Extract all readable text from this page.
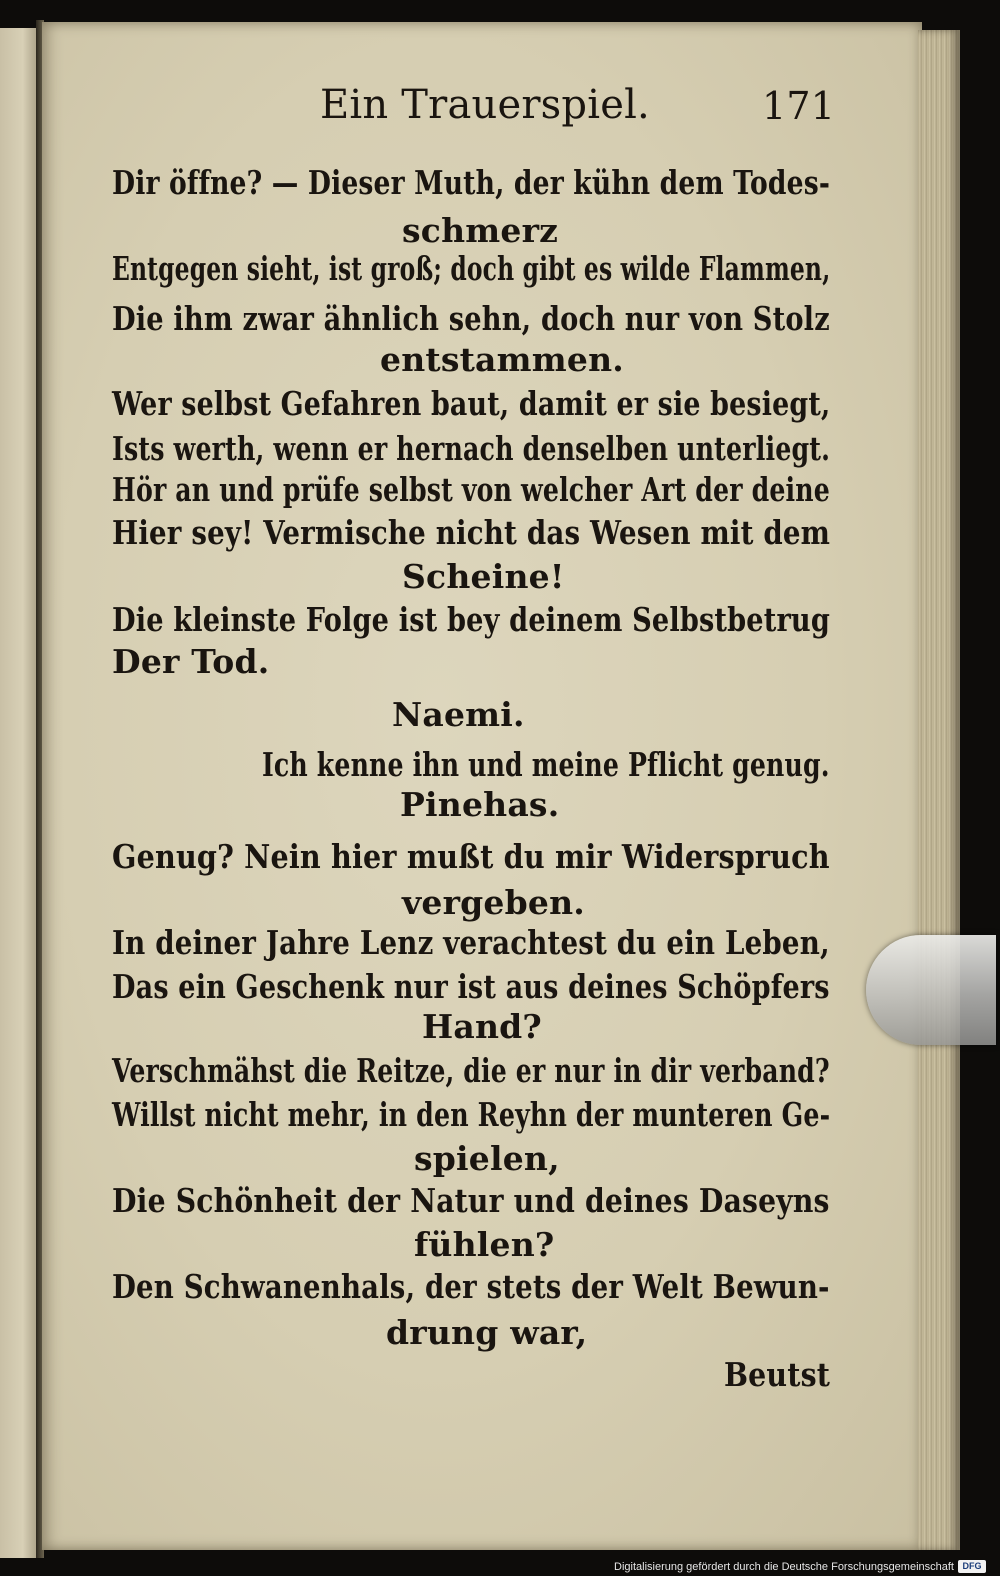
Ein Trauerspiel.	171
Dir öffne? — Dieser Muth, der kühn dem Todes-
schmerz
Entgegen sieht, ist groß; doch gibt es wilde Flammen,
Die ihm zwar ähnlich sehn, doch nur von Stolz
entstammen.
Wer selbst Gefahren baut, damit er sie besiegt,
Ists werth, wenn er hernach denselben unterliegt.
Hör an und prüfe selbst von welcher Art der deine
Hier sey! Vermische nicht das Wesen mit dem
Scheine!
Die kleinste Folge ist bey deinem Selbstbetrug
Der Tod.
Naemi.
Ich kenne ihn und meine Pflicht genug.
Pinehas.
Genug? Nein hier mußt du mir Widerspruch
vergeben.
In deiner Jahre Lenz verachtest du ein Leben,
Das ein Geschenk nur ist aus deines Schöpfers
Hand?
Verschmähst die Reitze, die er nur in dir verband?
Willst nicht mehr, in den Reyhn der munteren Ge-
spielen,
Die Schönheit der Natur und deines Daseyns
fühlen?
Den Schwanenhals, der stets der Welt Bewun-
drung war,
Beutst
Digitalisierung gefördert durch die Deutsche Forschungsgemeinschaft DFG
